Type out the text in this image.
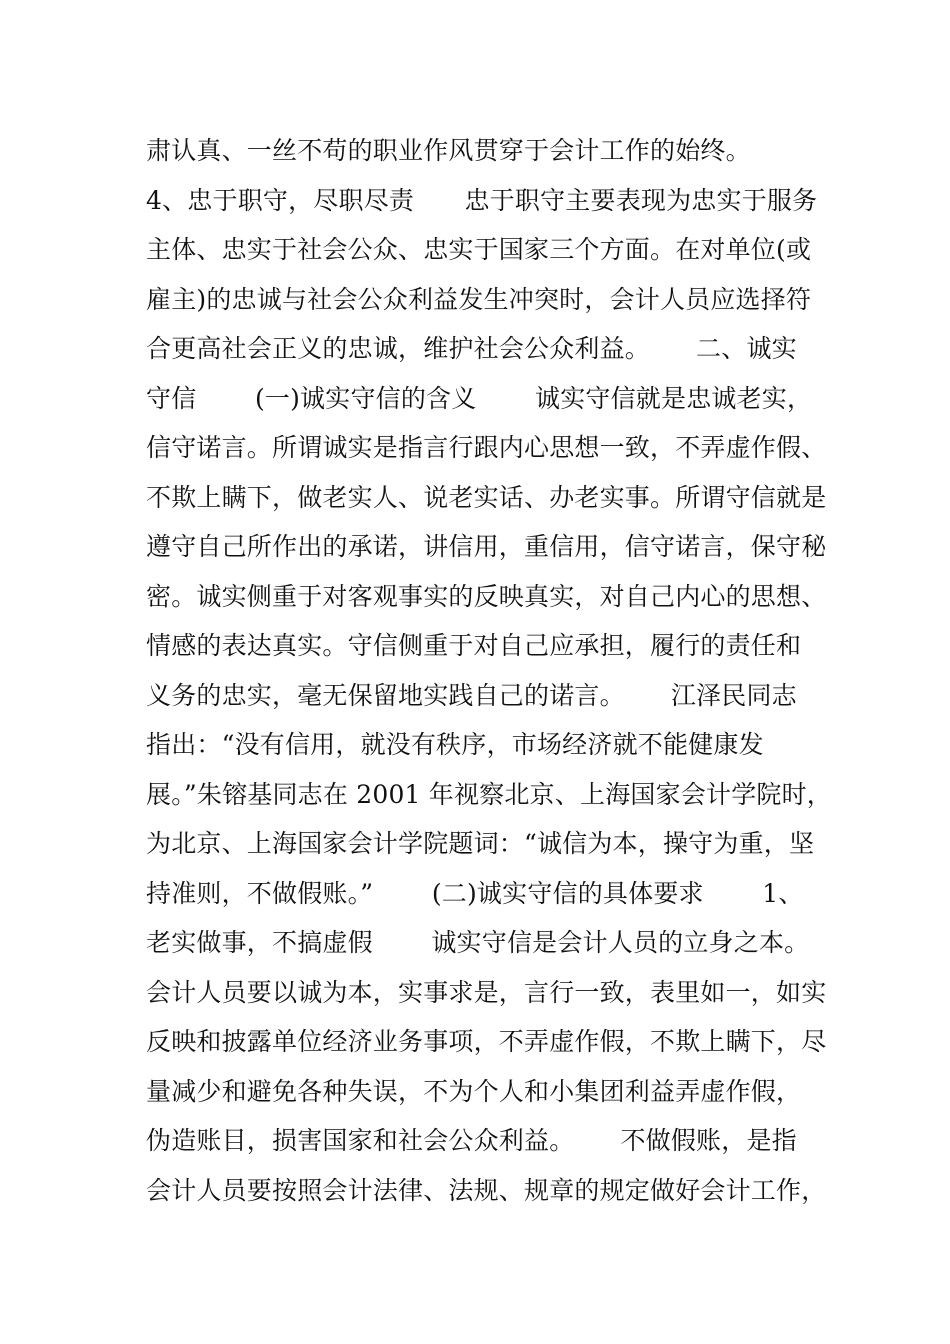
肃认真、一丝不苟的职业作风贯穿于会计工作的始终。
4、忠于职守，尽职尽责　　忠于职守主要表现为忠实于服务
主体、忠实于社会公众、忠实于国家三个方面。在对单位(或
雇主)的忠诚与社会公众利益发生冲突时，会计人员应选择符
合更高社会正义的忠诚，维护社会公众利益。　　 二、诚实
守信　　 (一)诚实守信的含义　　 诚实守信就是忠诚老实，
信守诺言。所谓诚实是指言行跟内心思想一致，不弄虚作假、
不欺上瞒下，做老实人、说老实话、办老实事。所谓守信就是
遵守自己所作出的承诺，讲信用，重信用，信守诺言，保守秘
密。诚实侧重于对客观事实的反映真实，对自己内心的思想、
情感的表达真实。守信侧重于对自己应承担，履行的责任和
义务的忠实，毫无保留地实践自己的诺言。　　 江泽民同志
指出：“没有信用，就没有秩序，市场经济就不能健康发
展。”朱镕基同志在 2001 年视察北京、上海国家会计学院时，
为北京、上海国家会计学院题词：“诚信为本，操守为重，坚
持准则，不做假账。”　　 (二)诚实守信的具体要求　　 1、
老实做事，不搞虚假　　 诚实守信是会计人员的立身之本。
会计人员要以诚为本，实事求是，言行一致，表里如一，如实
反映和披露单位经济业务事项，不弄虚作假，不欺上瞒下，尽
量减少和避免各种失误，不为个人和小集团利益弄虚作假，
伪造账目，损害国家和社会公众利益。　　 不做假账，是指
会计人员要按照会计法律、法规、规章的规定做好会计工作，
